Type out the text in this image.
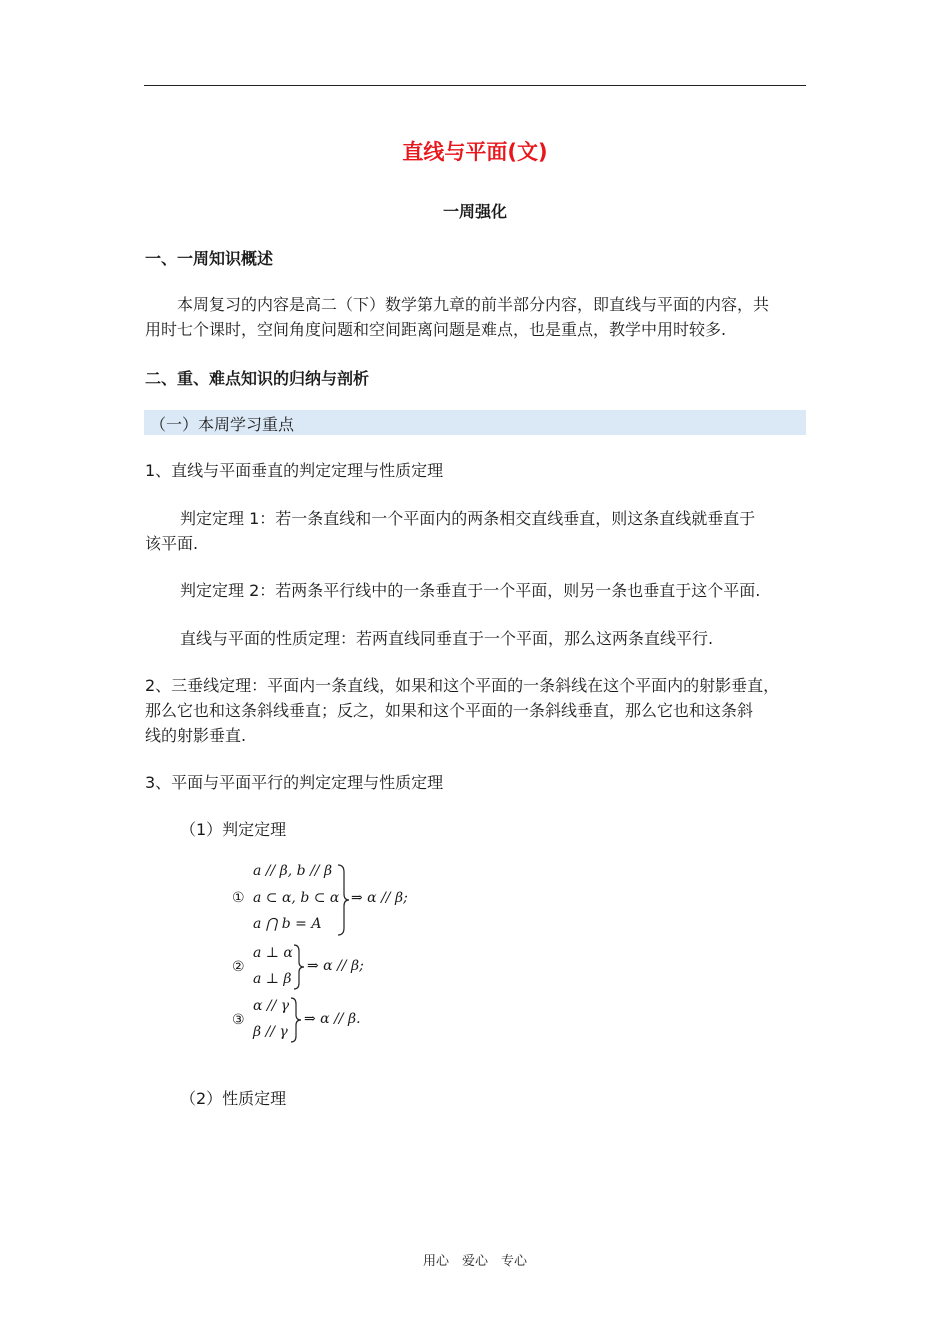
直线与平面(文)
一周强化
一、一周知识概述
本周复习的内容是高二（下）数学第九章的前半部分内容，即直线与平面的内容，共
用时七个课时，空间角度问题和空间距离问题是难点，也是重点，教学中用时较多.
二、重、难点知识的归纳与剖析
（一）本周学习重点
1、直线与平面垂直的判定定理与性质定理
判定定理 1：若一条直线和一个平面内的两条相交直线垂直，则这条直线就垂直于
该平面.
判定定理 2：若两条平行线中的一条垂直于一个平面，则另一条也垂直于这个平面.
直线与平面的性质定理：若两直线同垂直于一个平面，那么这两条直线平行.
2、三垂线定理：平面内一条直线，如果和这个平面的一条斜线在这个平面内的射影垂直，
那么它也和这条斜线垂直；反之，如果和这个平面的一条斜线垂直，那么它也和这条斜
线的射影垂直.
3、平面与平面平行的判定定理与性质定理
（1）判定定理
①
a // β, b // β
a ⊂ α, b ⊂ α
a ⋂ b = A
⇒ α // β;
②
a ⊥ α
a ⊥ β
⇒ α // β;
③
α // γ
β // γ
⇒ α // β.
（2）性质定理
用心　爱心　专心
